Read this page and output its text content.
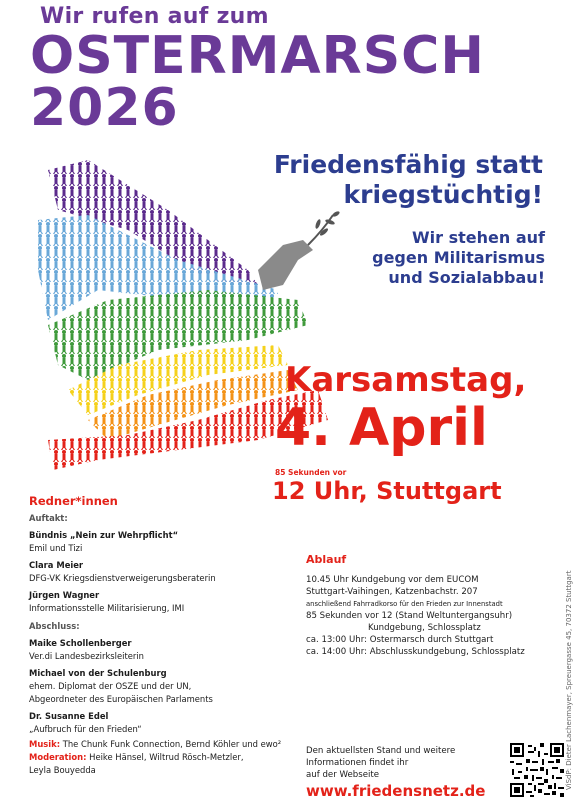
Wir rufen auf zum
OSTERMARSCH
2026
Friedensfähig statt
kriegstüchtig!
Wir stehen auf
gegen Militarismus
und Sozialabbau!
Karsamstag,
4. April
85 Sekunden vor
12 Uhr, Stuttgart
Redner*innen
Auftakt:
Bündnis „Nein zur Wehrpflicht“
Emil und Tizi
Clara Meier
DFG-VK Kriegsdienstverweigerungsberaterin
Jürgen Wagner
Informationsstelle Militarisierung, IMI
Abschluss:
Maike Schollenberger
Ver.di Landesbezirksleiterin
Michael von der Schulenburg
ehem. Diplomat der OSZE und der UN,
Abgeordneter des Europäischen Parlaments
Dr. Susanne Edel
„Aufbruch für den Frieden“
Musik: The Chunk Funk Connection, Bernd Köhler und ewo²
Moderation: Heike Hänsel, Wiltrud Rösch-Metzler,
Leyla Bouyedda
Ablauf
10.45 Uhr Kundgebung vor dem EUCOM
Stuttgart-Vaihingen, Katzenbachstr. 207
anschließend Fahrradkorso für den Frieden zur Innenstadt
85 Sekunden vor 12 (Stand Weltuntergangsuhr)
Kundgebung, Schlossplatz
ca. 13:00 Uhr: Ostermarsch durch Stuttgart
ca. 14:00 Uhr: Abschlusskundgebung, Schlossplatz
Den aktuellsten Stand und weitere
Informationen findet ihr
auf der Webseite
www.friedensnetz.de
ViSdP: Dieter Lachenmayer, Spreuergasse 45, 70372 Stuttgart
